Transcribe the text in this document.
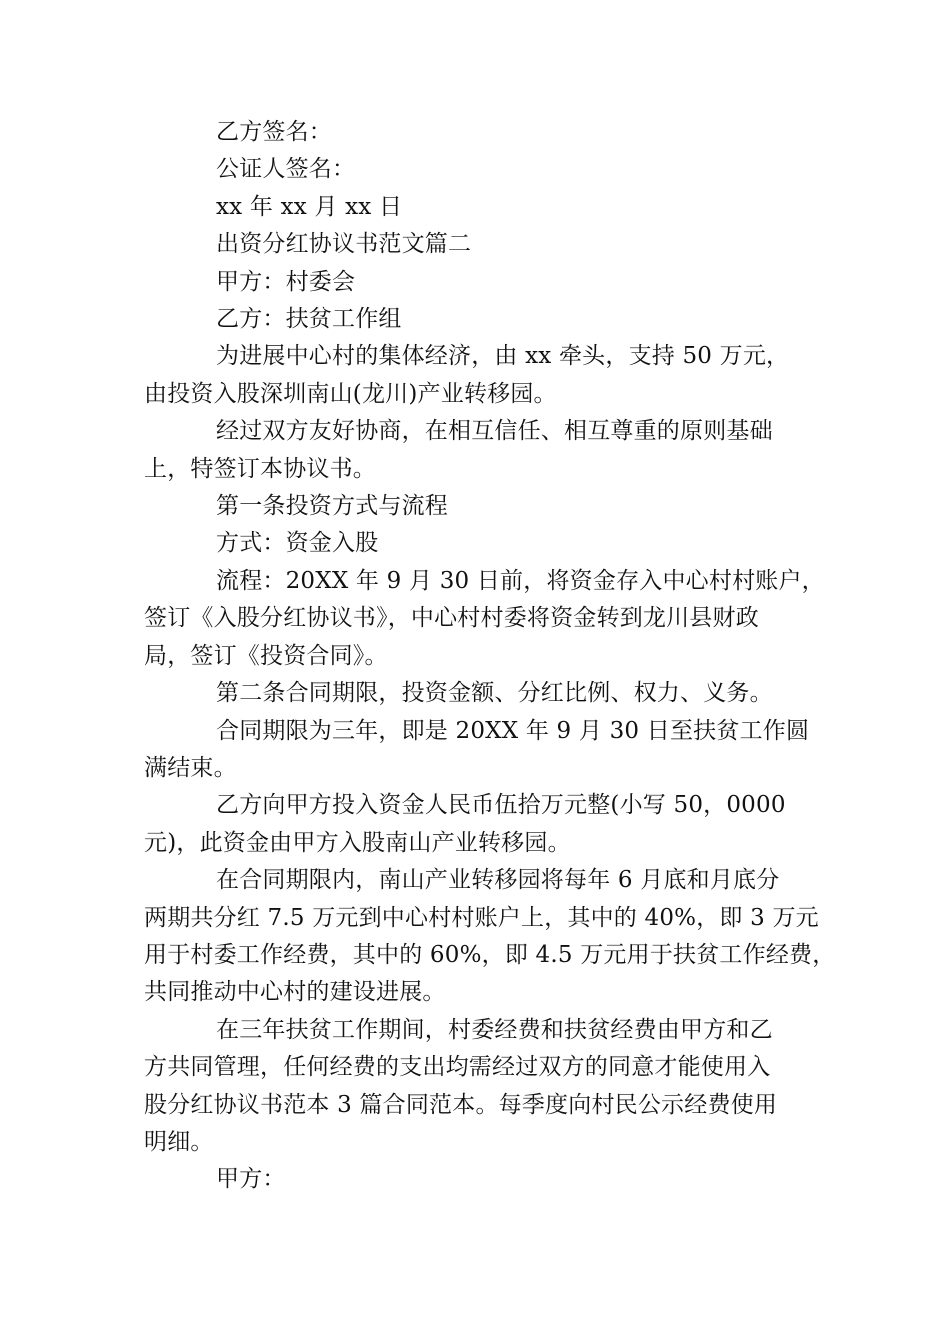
乙方签名：
公证人签名：
xx 年 xx 月 xx 日
出资分红协议书范文篇二
甲方：村委会
乙方：扶贫工作组
为进展中心村的集体经济，由 xx 牵头，支持 50 万元，
由投资入股深圳南山(龙川)产业转移园。
经过双方友好协商，在相互信任、相互尊重的原则基础
上，特签订本协议书。
第一条投资方式与流程
方式：资金入股
流程：20XX 年 9 月 30 日前，将资金存入中心村村账户，
签订《入股分红协议书》，中心村村委将资金转到龙川县财政
局，签订《投资合同》。
第二条合同期限，投资金额、分红比例、权力、义务。
合同期限为三年，即是 20XX 年 9 月 30 日至扶贫工作圆
满结束。
乙方向甲方投入资金人民币伍拾万元整(小写 50，0000
元)，此资金由甲方入股南山产业转移园。
在合同期限内，南山产业转移园将每年 6 月底和月底分
两期共分红 7.5 万元到中心村村账户上，其中的 40%，即 3 万元
用于村委工作经费，其中的 60%，即 4.5 万元用于扶贫工作经费，
共同推动中心村的建设进展。
在三年扶贫工作期间，村委经费和扶贫经费由甲方和乙
方共同管理，任何经费的支出均需经过双方的同意才能使用入
股分红协议书范本 3 篇合同范本。每季度向村民公示经费使用
明细。
甲方：
